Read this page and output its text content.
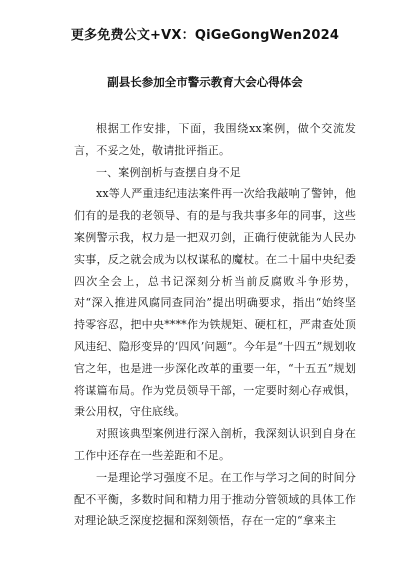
更多免费公文+VX：QiGeGongWen2024
副县长参加全市警示教育大会心得体会

根据工作安排，下面，我围绕xx案例，做个交流发言，不妥之处，敬请批评指正。

一、案例剖析与查摆自身不足

xx等人严重违纪违法案件再一次给我敲响了警钟，他们有的是我的老领导、有的是与我共事多年的同事，这些案例警示我，权力是一把双刃剑，正确行使就能为人民办实事，反之就会成为以权谋私的魔杖。在二十届中央纪委四次全会上，总书记深刻分析当前反腐败斗争形势，对“深入推进风腐同查同治”提出明确要求，指出“始终坚持零容忍，把中央****作为铁规矩、硬杠杠，严肃查处顶风违纪、隐形变异的‘四风’问题”。今年是“十四五”规划收官之年，也是进一步深化改革的重要一年，“十五五”规划将谋篇布局。作为党员领导干部，一定要时刻心存戒惧，秉公用权，守住底线。

对照该典型案例进行深入剖析，我深刻认识到自身在工作中还存在一些差距和不足。

一是理论学习强度不足。在工作与学习之间的时间分配不平衡，多数时间和精力用于推动分管领域的具体工作对理论缺乏深度挖掘和深刻领悟，存在一定的“拿来主
